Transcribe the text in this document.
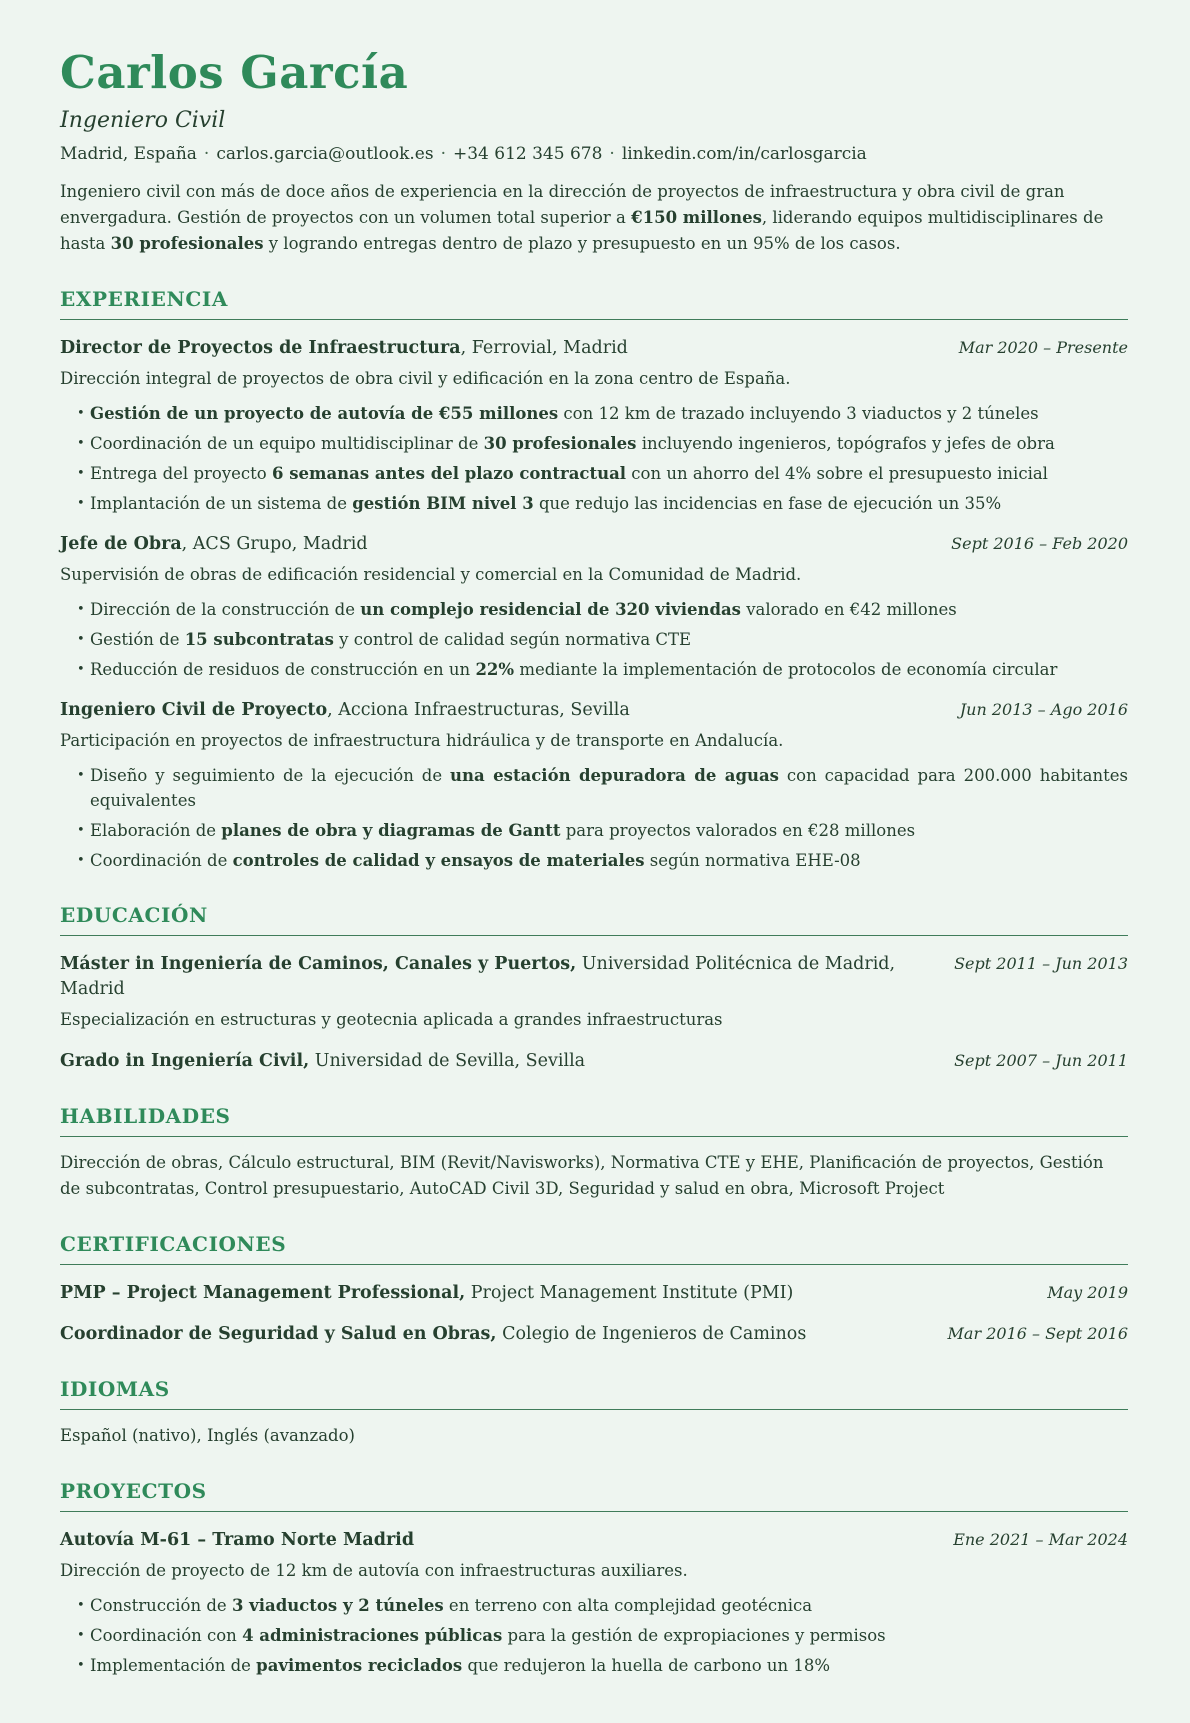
Carlos García
Ingeniero Civil
Madrid, España · carlos.garcia@outlook.es · +34 612 345 678 · linkedin.com/in/carlosgarcia

Ingeniero civil con más de doce años de experiencia en la dirección de proyectos de infraestructura y obra civil de gran envergadura. Gestión de proyectos con un volumen total superior a €150 millones, liderando equipos multidisciplinares de hasta 30 profesionales y logrando entregas dentro de plazo y presupuesto en un 95% de los casos.

EXPERIENCIA
Director de Proyectos de Infraestructura, Ferrovial, Madrid	Mar 2020 – Presente

Dirección integral de proyectos de obra civil y edificación en la zona centro de España.

• Gestión de un proyecto de autovía de €55 millones con 12 km de trazado incluyendo 3 viaductos y 2 túneles
• Coordinación de un equipo multidisciplinar de 30 profesionales incluyendo ingenieros, topógrafos y jefes de obra
• Entrega del proyecto 6 semanas antes del plazo contractual con un ahorro del 4% sobre el presupuesto inicial
• Implantación de un sistema de gestión BIM nivel 3 que redujo las incidencias en fase de ejecución un 35%
Jefe de Obra, ACS Grupo, Madrid	Sept 2016 – Feb 2020

Supervisión de obras de edificación residencial y comercial en la Comunidad de Madrid.

• Dirección de la construcción de un complejo residencial de 320 viviendas valorado en €42 millones
• Gestión de 15 subcontratas y control de calidad según normativa CTE
• Reducción de residuos de construcción en un 22% mediante la implementación de protocolos de economía circular
Ingeniero Civil de Proyecto, Acciona Infraestructuras, Sevilla	Jun 2013 – Ago 2016

Participación en proyectos de infraestructura hidráulica y de transporte en Andalucía.

• Diseño y seguimiento de la ejecución de una estación depuradora de aguas con capacidad para 200.000 habitantes equivalentes
• Elaboración de planes de obra y diagramas de Gantt para proyectos valorados en €28 millones
• Coordinación de controles de calidad y ensayos de materiales según normativa EHE-08
EDUCACIÓN
Máster in Ingeniería de Caminos, Canales y Puertos, Universidad Politécnica de Madrid, Madrid
Sept 2011 – Jun 2013

Especialización en estructuras y geotecnia aplicada a grandes infraestructuras

Grado in Ingeniería Civil, Universidad de Sevilla, Sevilla	Sept 2007 – Jun 2011
HABILIDADES

Dirección de obras, Cálculo estructural, BIM (Revit/Navisworks), Normativa CTE y EHE, Planificación de proyectos, Gestión de subcontratas, Control presupuestario, AutoCAD Civil 3D, Seguridad y salud en obra, Microsoft Project

CERTIFICACIONES
PMP – Project Management Professional, Project Management Institute (PMI)	May 2019
Coordinador de Seguridad y Salud en Obras, Colegio de Ingenieros de Caminos	Mar 2016 – Sept 2016
IDIOMAS

Español (nativo), Inglés (avanzado)

PROYECTOS
Autovía M-61 – Tramo Norte Madrid	Ene 2021 – Mar 2024

Dirección de proyecto de 12 km de autovía con infraestructuras auxiliares.

• Construcción de 3 viaductos y 2 túneles en terreno con alta complejidad geotécnica
• Coordinación con 4 administraciones públicas para la gestión de expropiaciones y permisos
• Implementación de pavimentos reciclados que redujeron la huella de carbono un 18%
